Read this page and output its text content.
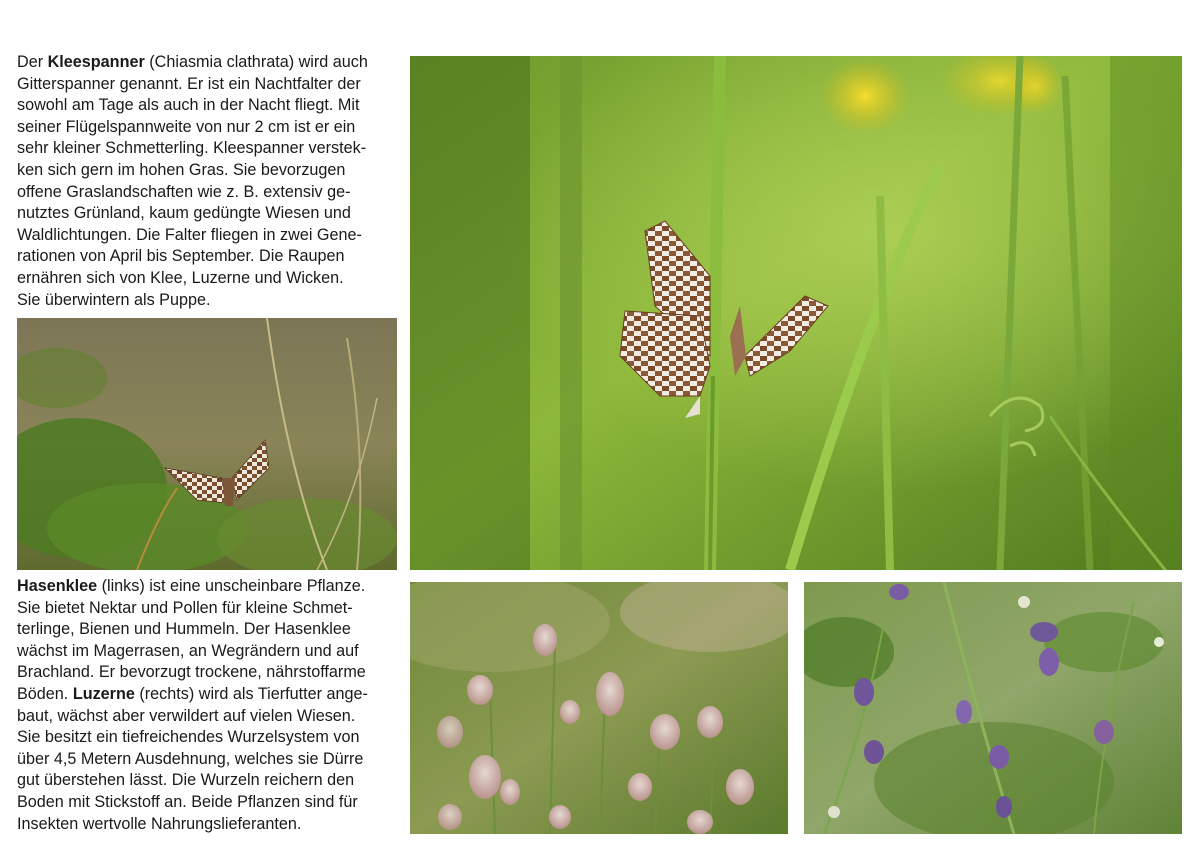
Der Kleespanner (Chiasmia clathrata) wird auch
Gitterspanner genannt. Er ist ein Nachtfalter der
sowohl am Tage als auch in der Nacht fliegt. Mit
seiner Flügelspannweite von nur 2 cm ist er ein
sehr kleiner Schmetterling. Kleespanner verstek-
ken sich gern im hohen Gras. Sie bevorzugen
offene Graslandschaften wie z. B. extensiv ge-
nutztes Grünland, kaum gedüngte Wiesen und
Waldlichtungen. Die Falter fliegen in zwei Gene-
rationen von April bis September. Die Raupen
ernähren sich von Klee, Luzerne und Wicken.
Sie überwintern als Puppe.
Hasenklee (links) ist eine unscheinbare Pflanze.
Sie bietet Nektar und Pollen für kleine Schmet-
terlinge, Bienen und Hummeln. Der Hasenklee
wächst im Magerrasen, an Wegrändern und auf
Brachland. Er bevorzugt trockene, nährstoffarme
Böden. Luzerne (rechts) wird als Tierfutter ange-
baut, wächst aber verwildert auf vielen Wiesen.
Sie besitzt ein tiefreichendes Wurzelsystem von
über 4,5 Metern Ausdehnung, welches sie Dürre
gut überstehen lässt. Die Wurzeln reichern den
Boden mit Stickstoff an. Beide Pflanzen sind für
Insekten wertvolle Nahrungslieferanten.
